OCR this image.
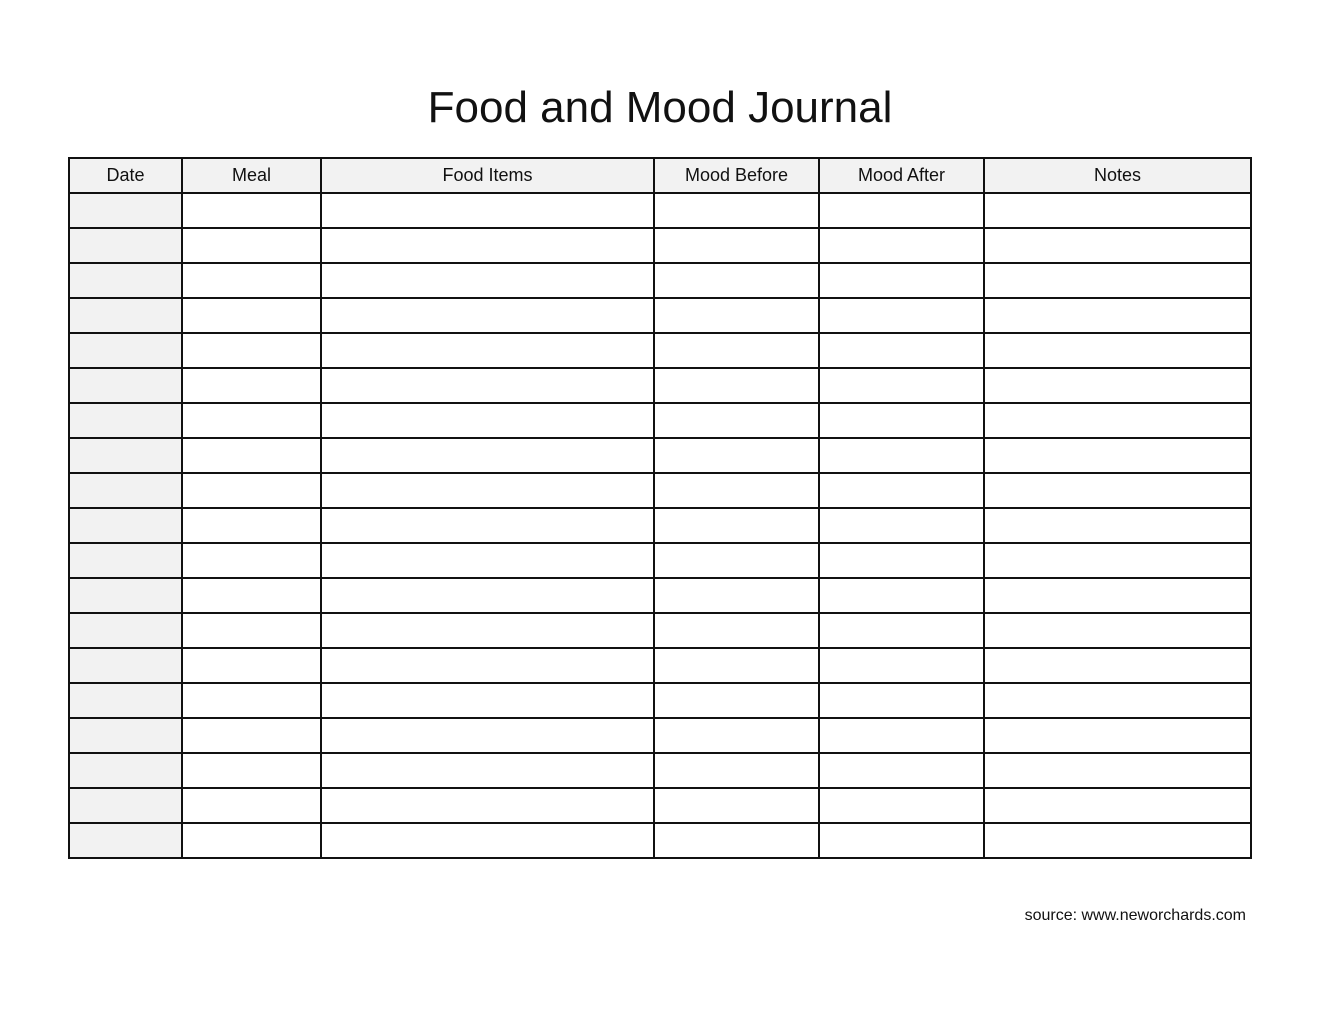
Food and Mood Journal
Date	Meal	Food Items	Mood Before	Mood After	Notes

source: www.neworchards.com
